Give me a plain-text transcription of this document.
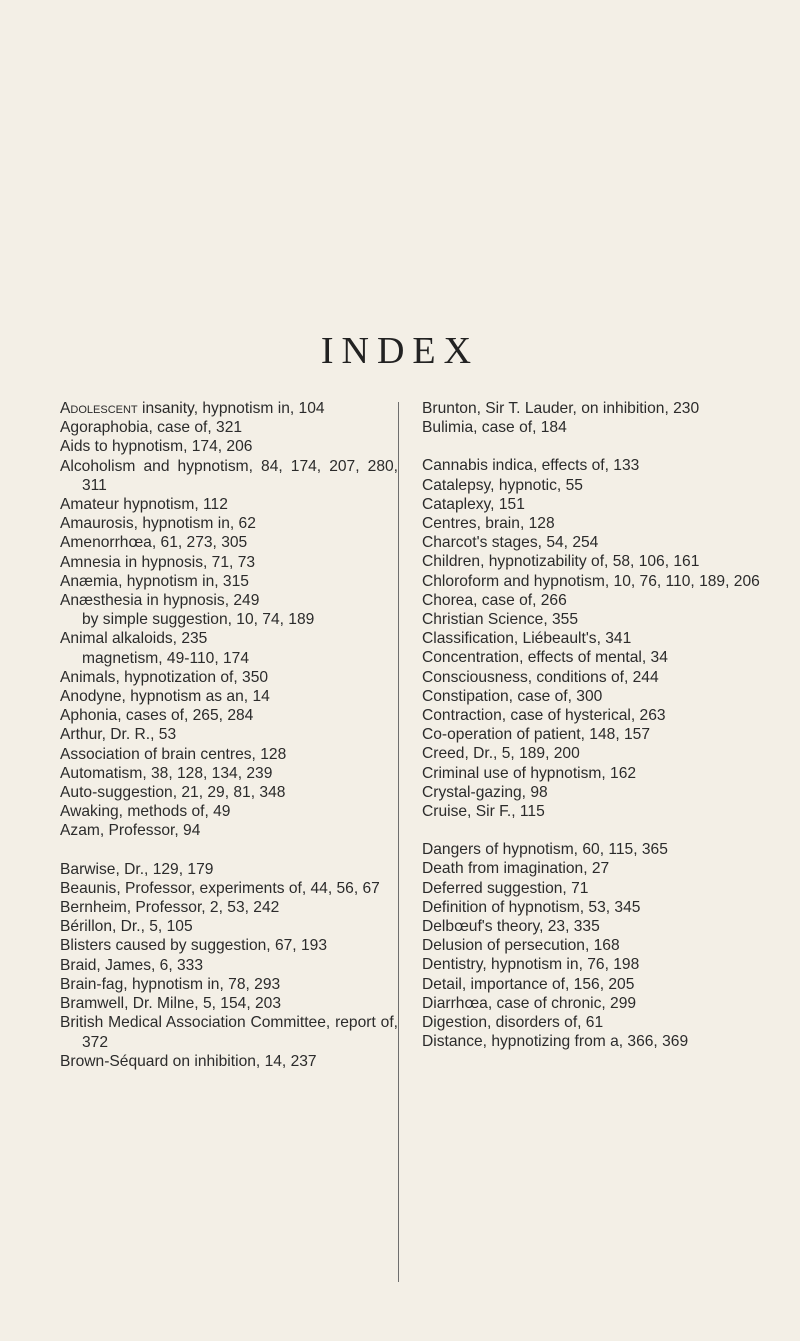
INDEX

Adolescent insanity, hypnotism in, 104

Agoraphobia, case of, 321

Aids to hypnotism, 174, 206

Alcoholism and hypnotism, 84, 174, 207, 280, 311

Amateur hypnotism, 112

Amaurosis, hypnotism in, 62

Amenorrhœa, 61, 273, 305

Amnesia in hypnosis, 71, 73

Anæmia, hypnotism in, 315

Anæsthesia in hypnosis, 249

by simple suggestion, 10, 74, 189

Animal alkaloids, 235

magnetism, 49-110, 174

Animals, hypnotization of, 350

Anodyne, hypnotism as an, 14

Aphonia, cases of, 265, 284

Arthur, Dr. R., 53

Association of brain centres, 128

Automatism, 38, 128, 134, 239

Auto-suggestion, 21, 29, 81, 348

Awaking, methods of, 49

Azam, Professor, 94

Barwise, Dr., 129, 179

Beaunis, Professor, experiments of, 44, 56, 67

Bernheim, Professor, 2, 53, 242

Bérillon, Dr., 5, 105

Blisters caused by suggestion, 67, 193

Braid, James, 6, 333

Brain-fag, hypnotism in, 78, 293

Bramwell, Dr. Milne, 5, 154, 203

British Medical Association Committee, report of, 372

Brown-Séquard on inhibition, 14, 237

Brunton, Sir T. Lauder, on inhibition, 230

Bulimia, case of, 184

Cannabis indica, effects of, 133

Catalepsy, hypnotic, 55

Cataplexy, 151

Centres, brain, 128

Charcot's stages, 54, 254

Children, hypnotizability of, 58, 106, 161

Chloroform and hypnotism, 10, 76, 110, 189, 206

Chorea, case of, 266

Christian Science, 355

Classification, Liébeault's, 341

Concentration, effects of mental, 34

Consciousness, conditions of, 244

Constipation, case of, 300

Contraction, case of hysterical, 263

Co-operation of patient, 148, 157

Creed, Dr., 5, 189, 200

Criminal use of hypnotism, 162

Crystal-gazing, 98

Cruise, Sir F., 115

Dangers of hypnotism, 60, 115, 365

Death from imagination, 27

Deferred suggestion, 71

Definition of hypnotism, 53, 345

Delbœuf's theory, 23, 335

Delusion of persecution, 168

Dentistry, hypnotism in, 76, 198

Detail, importance of, 156, 205

Diarrhœa, case of chronic, 299

Digestion, disorders of, 61

Distance, hypnotizing from a, 366, 369
